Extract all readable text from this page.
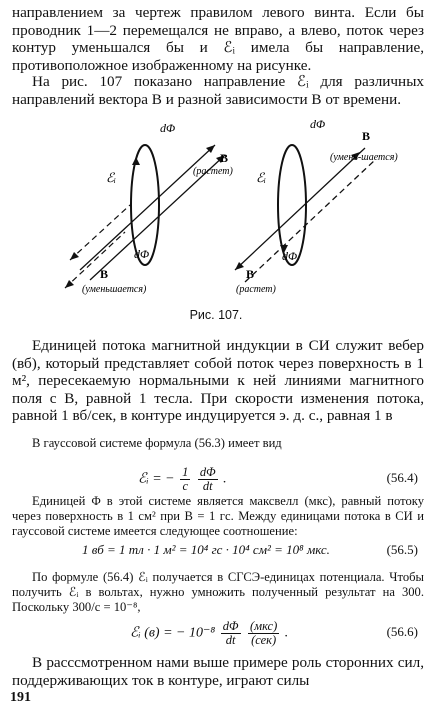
направлением за чертеж правилом левого винта. Если бы проводник 1—2 перемещался не вправо, а влево, поток через контур уменьшался бы и ℰᵢ имела бы направление, противоположное изображенному на рисунке.

На рис. 107 показано направление ℰᵢ для различных направлений вектора B и разной зависимости B от времени.

dΦ
ℰᵢ
B
(растет)
dΦ
B
(уменьшается)
dΦ
ℰᵢ
B
(умень-шается)
dΦ
B
(растет)
Рис. 107.

Единицей потока магнитной индукции в СИ служит вебер (вб), который представляет собой поток через поверхность в 1 м², пересекаемую нормальными к ней линиями магнитного поля с B, равной 1 тесла. При скорости изменения потока, равной 1 вб/сек, в контуре индуцируется э. д. с., равная 1 в

В гауссовой системе формула (56.3) имеет вид

ℰᵢ = − $\frac{1}{c}$
$\frac{d\Phi}{dt}$ .	(56.4)

Единицей Φ в этой системе является максвелл (мкс), равный потоку через поверхность в 1 см² при B = 1 гс. Между единицами потока в СИ и гауссовой системе имеется следующее соотношение:

1 вб = 1 тл · 1 м² = 10⁴ гс · 10⁴ см² = 10⁸ мкс.	(56.5)

По формуле (56.4) ℰᵢ получается в СГСЭ-единицах потенциала. Чтобы получить ℰᵢ в вольтах, нужно умножить полученный результат на 300. Поскольку 300/c = 10⁻⁸,

ℰᵢ (в) = − $10^{-8} \frac{d\Phi}{dt}$
$\frac{\text{(мкс)}}{\text{(сек)}}$ .	(56.6)

В расссмотренном нами выше примере роль сторонних сил, поддерживающих ток в контуре, играют силы

191
